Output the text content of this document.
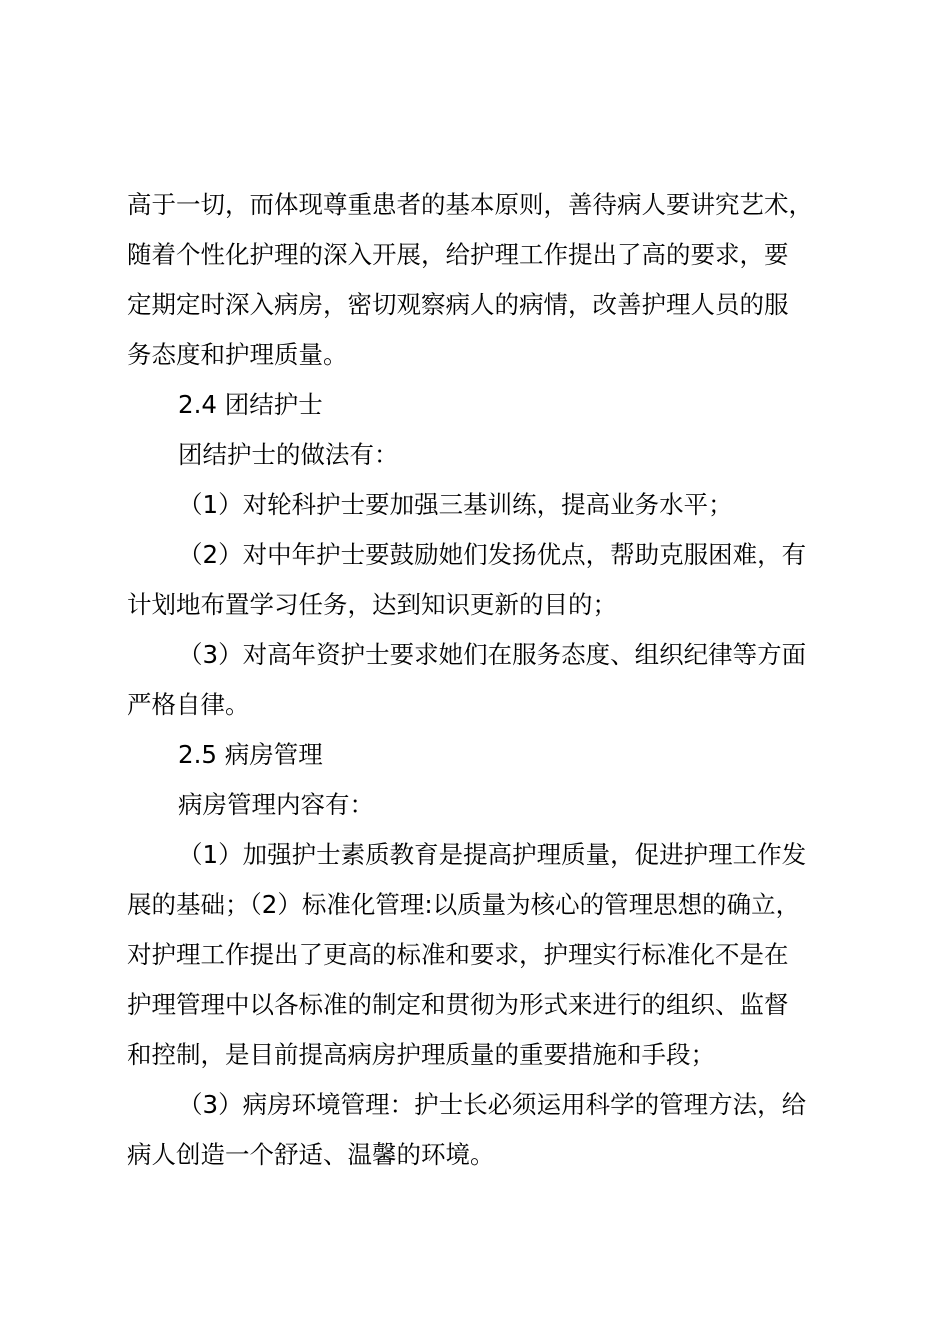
高于一切，而体现尊重患者的基本原则，善待病人要讲究艺术，
随着个性化护理的深入开展，给护理工作提出了高的要求，要
定期定时深入病房，密切观察病人的病情，改善护理人员的服
务态度和护理质量。
2.4 团结护士
团结护士的做法有：
（1）对轮科护士要加强三基训练，提高业务水平；
（2）对中年护士要鼓励她们发扬优点，帮助克服困难，有
计划地布置学习任务，达到知识更新的目的；
（3）对高年资护士要求她们在服务态度、组织纪律等方面
严格自律。
2.5 病房管理
病房管理内容有：
（1）加强护士素质教育是提高护理质量，促进护理工作发
展的基础；（2）标准化管理:以质量为核心的管理思想的确立，
对护理工作提出了更高的标准和要求，护理实行标准化不是在
护理管理中以各标准的制定和贯彻为形式来进行的组织、监督
和控制，是目前提高病房护理质量的重要措施和手段；
（3）病房环境管理：护士长必须运用科学的管理方法，给
病人创造一个舒适、温馨的环境。
